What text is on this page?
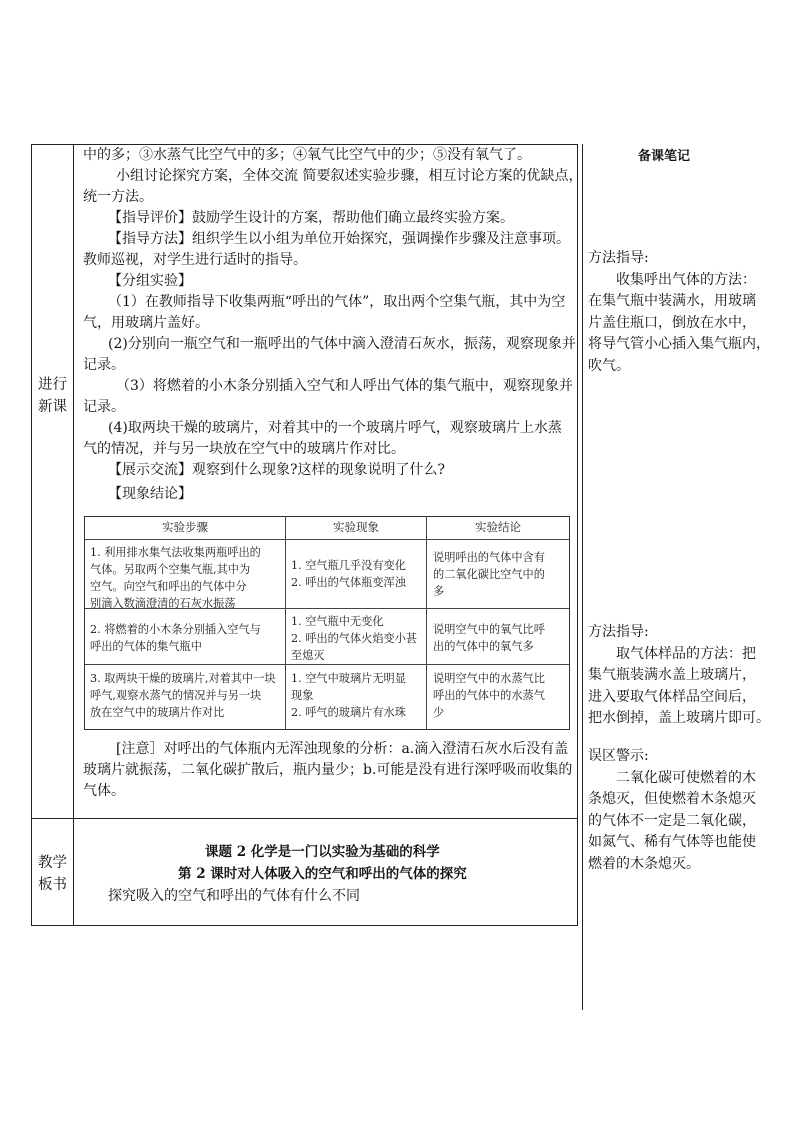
进行
新课
教学
板书
中的多；③水蒸气比空气中的多；④氧气比空气中的少；⑤没有氧气了。
小组讨论探究方案，全体交流 简要叙述实验步骤，相互讨论方案的优缺点，
统一方法。
【指导评价】鼓励学生设计的方案，帮助他们确立最终实验方案。
【指导方法】组织学生以小组为单位开始探究，强调操作步骤及注意事项。
教师巡视，对学生进行适时的指导。
【分组实验】
（1）在教师指导下收集两瓶“呼出的气体”，取出两个空集气瓶，其中为空
气，用玻璃片盖好。
(2)分别向一瓶空气和一瓶呼出的气体中滴入澄清石灰水，振荡，观察现象并
记录。
（3）将燃着的小木条分别插入空气和人呼出气体的集气瓶中，观察现象并
记录。
(4)取两块干燥的玻璃片，对着其中的一个玻璃片呼气，观察玻璃片上水蒸
气的情况，并与另一块放在空气中的玻璃片作对比。
【展示交流】观察到什么现象?这样的现象说明了什么?
【现象结论】
实验步骤	实验现象	实验结论
1. 利用排水集气法收集两瓶呼出的
气体。另取两个空集气瓶,其中为
空气。向空气和呼出的气体中分
别滴入数滴澄清的石灰水振荡
1. 空气瓶几乎没有变化
2. 呼出的气体瓶变浑浊
说明呼出的气体中含有
的二氧化碳比空气中的
多
2. 将燃着的小木条分别插入空气与
呼出的气体的集气瓶中
1. 空气瓶中无变化
2. 呼出的气体火焰变小甚
至熄灭
说明空气中的氧气比呼
出的气体中的氧气多
3. 取两块干燥的玻璃片,对着其中一块
呼气,观察水蒸气的情况并与另一块
放在空气中的玻璃片作对比
1. 空气中玻璃片无明显
现象
2. 呼气的玻璃片有水珠
说明空气中的水蒸气比
呼出的气体中的水蒸气
少
[注意］对呼出的气体瓶内无浑浊现象的分析：a.滴入澄清石灰水后没有盖
玻璃片就振荡，二氧化碳扩散后，瓶内量少；b.可能是没有进行深呼吸而收集的
气体。
课题 2 化学是一门以实验为基础的科学
第 2 课时对人体吸入的空气和呼出的气体的探究
探究吸入的空气和呼出的气体有什么不同
备课笔记
方法指导:
收集呼出气体的方法：
在集气瓶中装满水，用玻璃
片盖住瓶口，倒放在水中，
将导气管小心插入集气瓶内，
吹气。
方法指导:
取气体样品的方法：把
集气瓶装满水盖上玻璃片，
进入要取气体样品空间后，
把水倒掉，盖上玻璃片即可。
误区警示:
二氧化碳可使燃着的木
条熄灭，但使燃着木条熄灭
的气体不一定是二氧化碳，
如氮气、稀有气体等也能使
燃着的木条熄灭。
